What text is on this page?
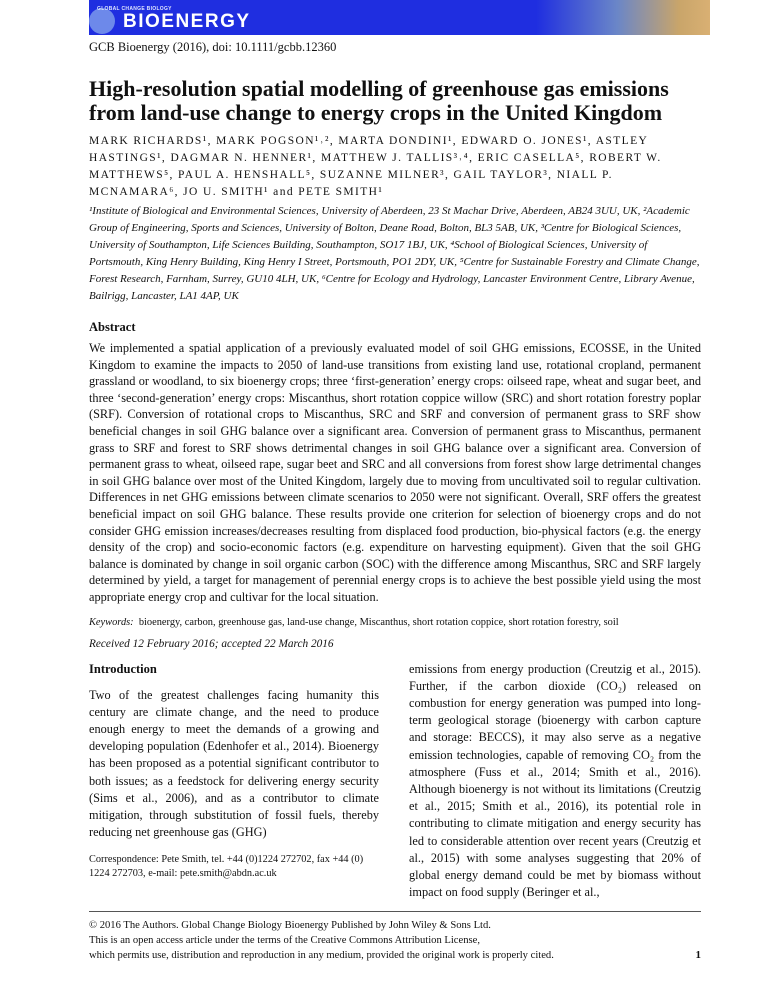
GLOBAL CHANGE BIOLOGY
BIOENERGY
GCB Bioenergy (2016), doi: 10.1111/gcbb.12360
High-resolution spatial modelling of greenhouse gas emissions from land-use change to energy crops in the United Kingdom
MARK RICHARDS¹, MARK POGSON¹˒², MARTA DONDINI¹, EDWARD O. JONES¹, ASTLEY HASTINGS¹, DAGMAR N. HENNER¹, MATTHEW J. TALLIS³˒⁴, ERIC CASELLA⁵, ROBERT W. MATTHEWS⁵, PAUL A. HENSHALL⁵, SUZANNE MILNER³, GAIL TAYLOR³, NIALL P. MCNAMARA⁶, JO U. SMITH¹ and PETE SMITH¹
¹Institute of Biological and Environmental Sciences, University of Aberdeen, 23 St Machar Drive, Aberdeen, AB24 3UU, UK, ²Academic Group of Engineering, Sports and Sciences, University of Bolton, Deane Road, Bolton, BL3 5AB, UK, ³Centre for Biological Sciences, University of Southampton, Life Sciences Building, Southampton, SO17 1BJ, UK, ⁴School of Biological Sciences, University of Portsmouth, King Henry Building, King Henry I Street, Portsmouth, PO1 2DY, UK, ⁵Centre for Sustainable Forestry and Climate Change, Forest Research, Farnham, Surrey, GU10 4LH, UK, ⁶Centre for Ecology and Hydrology, Lancaster Environment Centre, Library Avenue, Bailrigg, Lancaster, LA1 4AP, UK
Abstract
We implemented a spatial application of a previously evaluated model of soil GHG emissions, ECOSSE, in the United Kingdom to examine the impacts to 2050 of land-use transitions from existing land use, rotational cropland, permanent grassland or woodland, to six bioenergy crops; three ‘first-generation’ energy crops: oilseed rape, wheat and sugar beet, and three ‘second-generation’ energy crops: Miscanthus, short rotation coppice willow (SRC) and short rotation forestry poplar (SRF). Conversion of rotational crops to Miscanthus, SRC and SRF and conversion of permanent grass to SRF show beneficial changes in soil GHG balance over a significant area. Conversion of permanent grass to Miscanthus, permanent grass to SRF and forest to SRF shows detrimental changes in soil GHG balance over a significant area. Conversion of permanent grass to wheat, oilseed rape, sugar beet and SRC and all conversions from forest show large detrimental changes in soil GHG balance over most of the United Kingdom, largely due to moving from uncultivated soil to regular cultivation. Differences in net GHG emissions between climate scenarios to 2050 were not significant. Overall, SRF offers the greatest beneficial impact on soil GHG balance. These results provide one criterion for selection of bioenergy crops and do not consider GHG emission increases/decreases resulting from displaced food production, bio-physical factors (e.g. the energy density of the crop) and socio-economic factors (e.g. expenditure on harvesting equipment). Given that the soil GHG balance is dominated by change in soil organic carbon (SOC) with the difference among Miscanthus, SRC and SRF largely determined by yield, a target for management of perennial energy crops is to achieve the best possible yield using the most appropriate energy crop and cultivar for the local situation.
Keywords: bioenergy, carbon, greenhouse gas, land-use change, Miscanthus, short rotation coppice, short rotation forestry, soil
Received 12 February 2016; accepted 22 March 2016

Introduction

Two of the greatest challenges facing humanity this century are climate change, and the need to produce enough energy to meet the demands of a growing and developing population (Edenhofer et al., 2014). Bioenergy has been proposed as a potential significant contributor to both issues; as a feedstock for delivering energy security (Sims et al., 2006), and as a contributor to climate mitigation, through substitution of fossil fuels, thereby reducing net greenhouse gas (GHG)
Correspondence: Pete Smith, tel. +44 (0)1224 272702, fax +44 (0) 1224 272703, e-mail: pete.smith@abdn.ac.uk
emissions from energy production (Creutzig et al., 2015). Further, if the carbon dioxide (CO₂) released on combustion for energy generation was pumped into long-term geological storage (bioenergy with carbon capture and storage: BECCS), it may also serve as a negative emission technologies, capable of removing CO₂ from the atmosphere (Fuss et al., 2014; Smith et al., 2016). Although bioenergy is not without its limitations (Creutzig et al., 2015; Smith et al., 2016), its potential role in contributing to climate mitigation and energy security has led to considerable attention over recent years (Creutzig et al., 2015) with some analyses suggesting that 20% of global energy demand could be met by biomass without impact on food supply (Beringer et al.,
© 2016 The Authors. Global Change Biology Bioenergy Published by John Wiley & Sons Ltd.
This is an open access article under the terms of the Creative Commons Attribution License,
which permits use, distribution and reproduction in any medium, provided the original work is properly cited.	1
